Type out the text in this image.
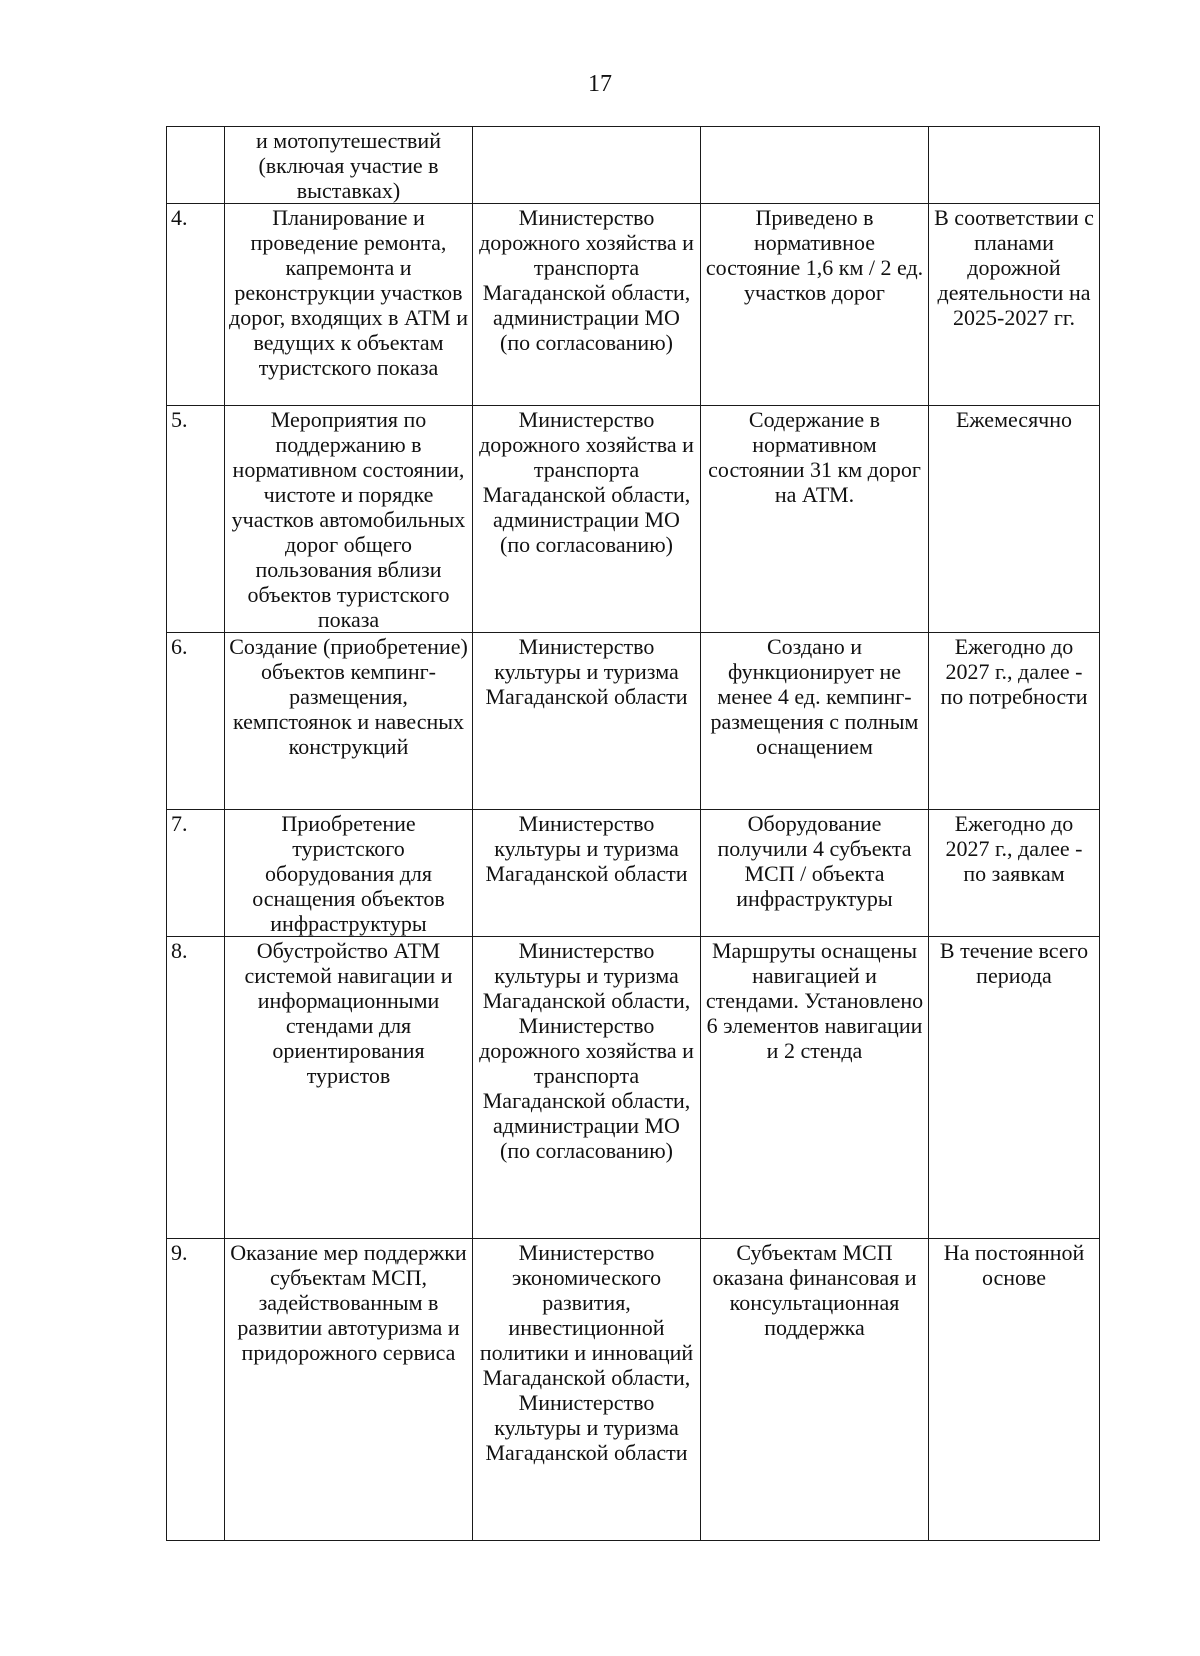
17
	и мотопутешествий (включая участие в выставках)			
4.	Планирование и проведение ремонта, капремонта и реконструкции участков дорог, входящих в АТМ и ведущих к объектам туристского показа	Министерство дорожного хозяйства и транспорта Магаданской области, администрации МО (по согласованию)	Приведено в нормативное состояние 1,6 км / 2 ед. участков дорог	В соответствии с планами дорожной деятельности на 2025-2027 гг.
5.	Мероприятия по поддержанию в нормативном состоянии, чистоте и порядке участков автомобильных дорог общего пользования вблизи объектов туристского показа	Министерство дорожного хозяйства и транспорта Магаданской области, администрации МО (по согласованию)	Содержание в нормативном состоянии 31 км дорог на АТМ.	Ежемесячно
6.	Создание (приобретение) объектов кемпинг-размещения, кемпстоянок и навесных конструкций	Министерство культуры и туризма Магаданской области	Создано и функционирует не менее 4 ед. кемпинг-размещения с полным оснащением	Ежегодно до 2027 г., далее - по потребности
7.	Приобретение туристского оборудования для оснащения объектов инфраструктуры	Министерство культуры и туризма Магаданской области	Оборудование получили 4 субъекта МСП / объекта инфраструктуры	Ежегодно до 2027 г., далее - по заявкам
8.	Обустройство АТМ системой навигации и информационными стендами для ориентирования туристов	Министерство культуры и туризма Магаданской области, Министерство дорожного хозяйства и транспорта Магаданской области, администрации МО (по согласованию)	Маршруты оснащены навигацией и стендами. Установлено 6 элементов навигации и 2 стенда	В течение всего периода
9.	Оказание мер поддержки субъектам МСП, задействованным в развитии автотуризма и придорожного сервиса	Министерство экономического развития, инвестиционной политики и инноваций Магаданской области, Министерство культуры и туризма Магаданской области	Субъектам МСП оказана финансовая и консультационная поддержка	На постоянной основе
